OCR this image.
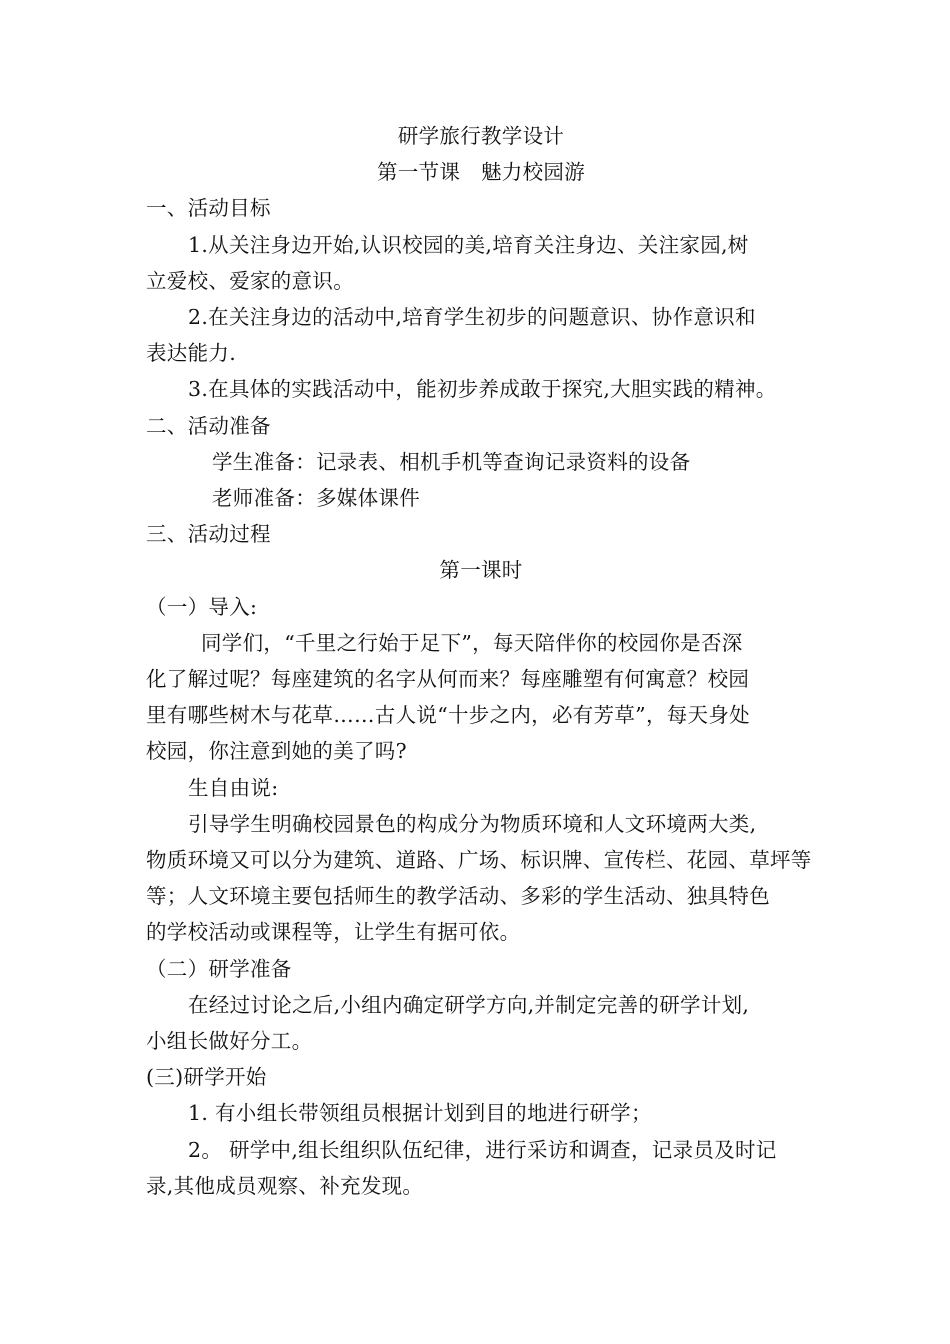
研学旅行教学设计

第一节课　魅力校园游

一、活动目标

1.从关注身边开始,认识校园的美,培育关注身边、关注家园,树

立爱校、爱家的意识。

2.在关注身边的活动中,培育学生初步的问题意识、协作意识和

表达能力.

3.在具体的实践活动中，能初步养成敢于探究,大胆实践的精神。

二、活动准备

学生准备：记录表、相机手机等查询记录资料的设备

老师准备：多媒体课件

三、活动过程

第一课时

（一）导入:

同学们，“千里之行始于足下”，每天陪伴你的校园你是否深

化了解过呢？每座建筑的名字从何而来？每座雕塑有何寓意？校园

里有哪些树木与花草……古人说“十步之内，必有芳草”，每天身处

校园，你注意到她的美了吗?

生自由说:

引导学生明确校园景色的构成分为物质环境和人文环境两大类,

物质环境又可以分为建筑、道路、广场、标识牌、宣传栏、花园、草坪等

等；人文环境主要包括师生的教学活动、多彩的学生活动、独具特色

的学校活动或课程等，让学生有据可依。

（二）研学准备

在经过讨论之后,小组内确定研学方向,并制定完善的研学计划,

小组长做好分工。

(三)研学开始

1. 有小组长带领组员根据计划到目的地进行研学；

2。 研学中,组长组织队伍纪律，进行采访和调查，记录员及时记

录,其他成员观察、补充发现。
